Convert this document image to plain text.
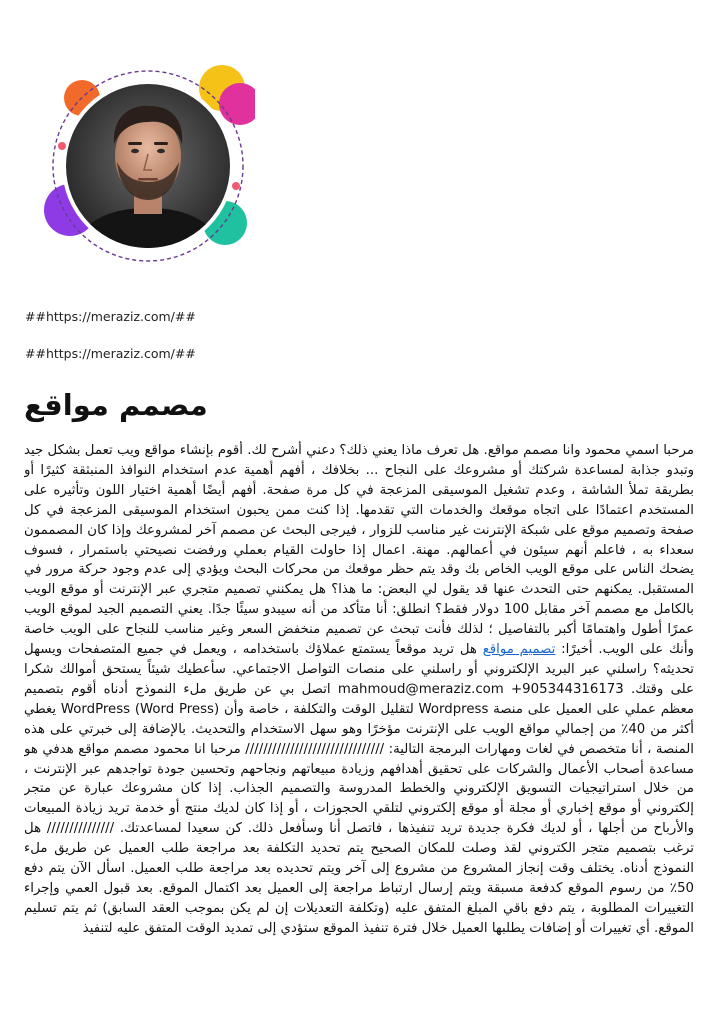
##https://meraziz.com/##
##https://meraziz.com/##
مصمم مواقع

مرحبا اسمي محمود وانا مصمم مواقع. هل تعرف ماذا يعني ذلك؟ دعني أشرح لك. أقوم بإنشاء مواقع ويب تعمل بشكل جيد وتبدو جذابة لمساعدة شركتك أو مشروعك على النجاح ... بخلافك ، أفهم أهمية عدم استخدام النوافذ المنبثقة كثيرًا أو بطريقة تملأ الشاشة ، وعدم تشغيل الموسيقى المزعجة في كل مرة صفحة. أفهم أيضًا أهمية اختيار اللون وتأثيره على المستخدم اعتمادًا على اتجاه موقعك والخدمات التي تقدمها. إذا كنت ممن يحبون استخدام الموسيقى المزعجة في كل صفحة وتصميم موقع على شبكة الإنترنت غير مناسب للزوار ، فيرجى البحث عن مصمم آخر لمشروعك وإذا كان المصممون سعداء به ، فاعلم أنهم سيئون في أعمالهم. مهنة. اعمال إذا حاولت القيام بعملي ورفضت نصيحتي باستمرار ، فسوف يضحك الناس على موقع الويب الخاص بك وقد يتم حظر موقعك من محركات البحث ويؤدي إلى عدم وجود حركة مرور في المستقبل. يمكنهم حتى التحدث عنها قد يقول لي البعض: ما هذا؟ هل يمكنني تصميم متجري عبر الإنترنت أو موقع الويب بالكامل مع مصمم آخر مقابل 100 دولار فقط؟ انطلق: أنا متأكد من أنه سيبدو سيئًا جدًا. يعني التصميم الجيد لموقع الويب عمرًا أطول واهتمامًا أكبر بالتفاصيل ؛ لذلك فأنت تبحث عن تصميم منخفض السعر وغير مناسب للنجاح على الويب خاصة وأنك على الويب. أخيرًا: تصميم مواقع هل تريد موقعاً يستمتع عملاؤك باستخدامه ، ويعمل في جميع المتصفحات ويسهل تحديثه؟ راسلني عبر البريد الإلكتروني أو راسلني على منصات التواصل الاجتماعي. سأعطيك شيئاً يستحق أموالك شكرا على وقتك. mahmoud@meraziz.com +905344316173 اتصل بي عن طريق ملء النموذج أدناه أقوم بتصميم معظم عملي على العميل على منصة Wordpress لتقليل الوقت والتكلفة ، خاصة وأن WordPress (Word Press) يغطي أكثر من 40٪ من إجمالي مواقع الويب على الإنترنت مؤخرًا وهو سهل الاستخدام والتحديث. بالإضافة إلى خبرتي على هذه المنصة ، أنا متخصص في لغات ومهارات البرمجة التالية: /////////////////////////////// مرحبا انا محمود مصمم مواقع هدفي هو مساعدة أصحاب الأعمال والشركات على تحقيق أهدافهم وزيادة مبيعاتهم ونجاحهم وتحسين جودة تواجدهم عبر الإنترنت ، من خلال استراتيجيات التسويق الإلكتروني والخطط المدروسة والتصميم الجذاب. إذا كان مشروعك عبارة عن متجر إلكتروني أو موقع إخباري أو مجلة أو موقع إلكتروني لتلقي الحجوزات ، أو إذا كان لديك منتج أو خدمة تريد زيادة المبيعات والأرباح من أجلها ، أو لديك فكرة جديدة تريد تنفيذها ، فاتصل أنا وسأفعل ذلك. كن سعيدا لمساعدتك. /////////////// هل ترغب بتصميم متجر الكتروني لقد وصلت للمكان الصحيح يتم تحديد التكلفة بعد مراجعة طلب العميل عن طريق ملء النموذج أدناه. يختلف وقت إنجاز المشروع من مشروع إلى آخر ويتم تحديده بعد مراجعة طلب العميل. اسأل الآن يتم دفع 50٪ من رسوم الموقع كدفعة مسبقة ويتم إرسال ارتباط مراجعة إلى العميل بعد اكتمال الموقع. بعد قبول العمي وإجراء التغييرات المطلوبة ، يتم دفع باقي المبلغ المتفق عليه (وتكلفة التعديلات إن لم يكن بموجب العقد السابق) ثم يتم تسليم الموقع. أي تغييرات أو إضافات يطلبها العميل خلال فترة تنفيذ الموقع ستؤدي إلى تمديد الوقت المتفق عليه لتنفيذ
